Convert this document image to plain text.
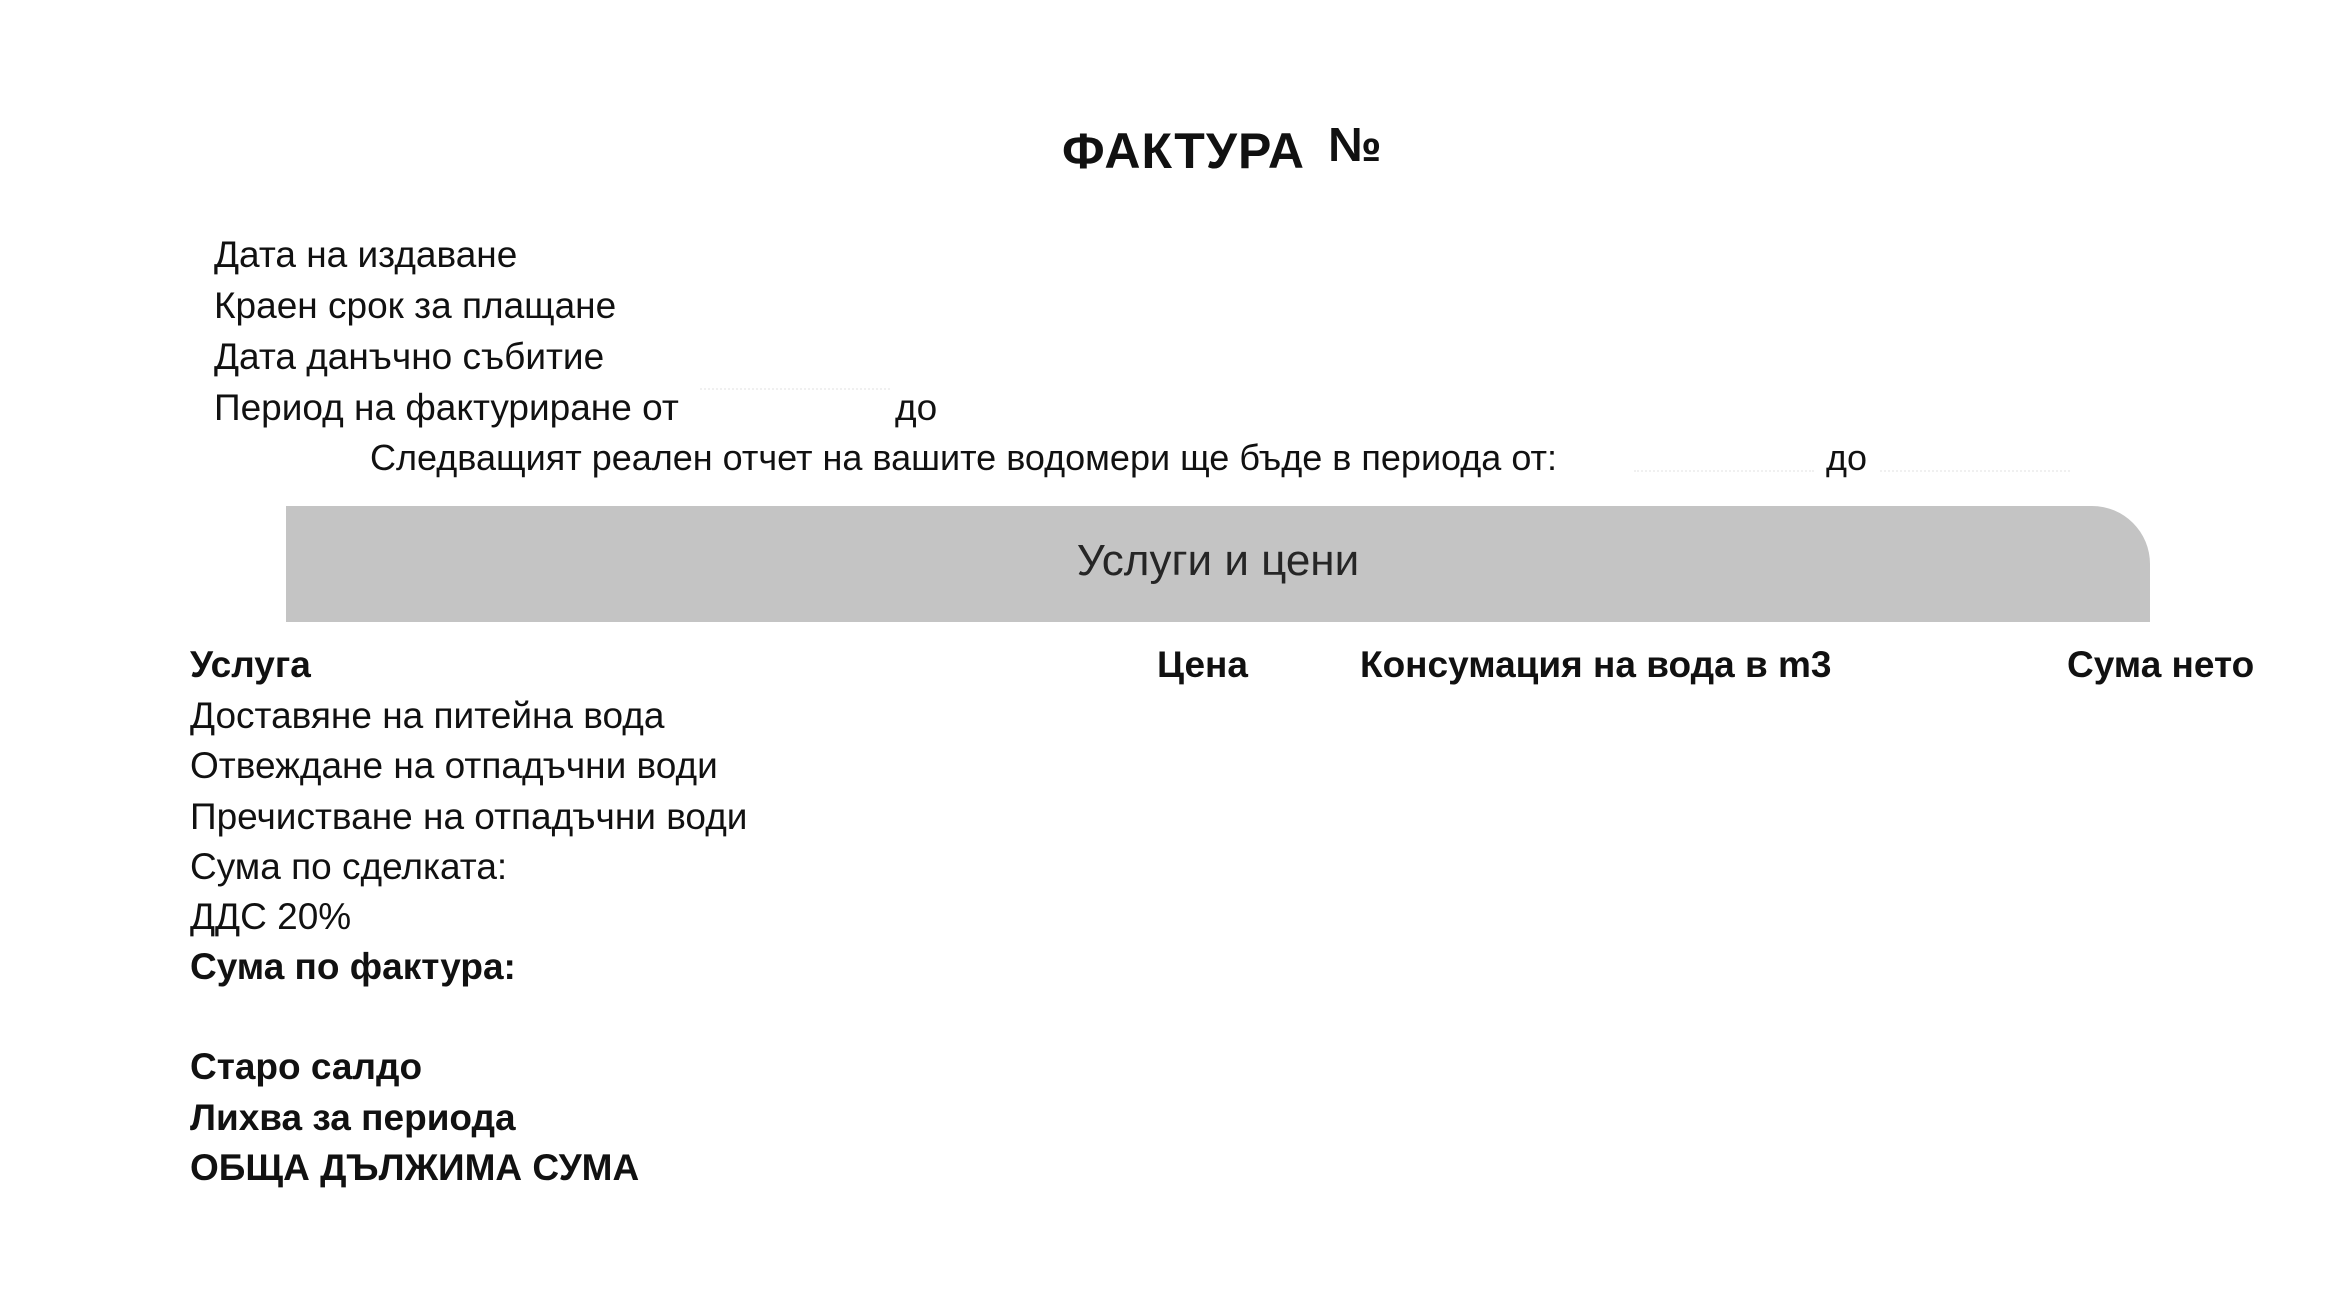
ФАКТУРА №
Дата на издаване
Краен срок за плащане
Дата данъчно събитие
Период на фактуриране от	до
Следващият реален отчет на вашите водомери ще бъде в периода от:	до
Услуги и цени
Услуга	Цена	Консумация на вода в m3	Сума нето
Доставяне на питейна вода
Отвеждане на отпадъчни води
Пречистване на отпадъчни води
Сума по сделката:
ДДС 20%
Сума по фактура:
Старо салдо
Лихва за периода
ОБЩА ДЪЛЖИМА СУМА
